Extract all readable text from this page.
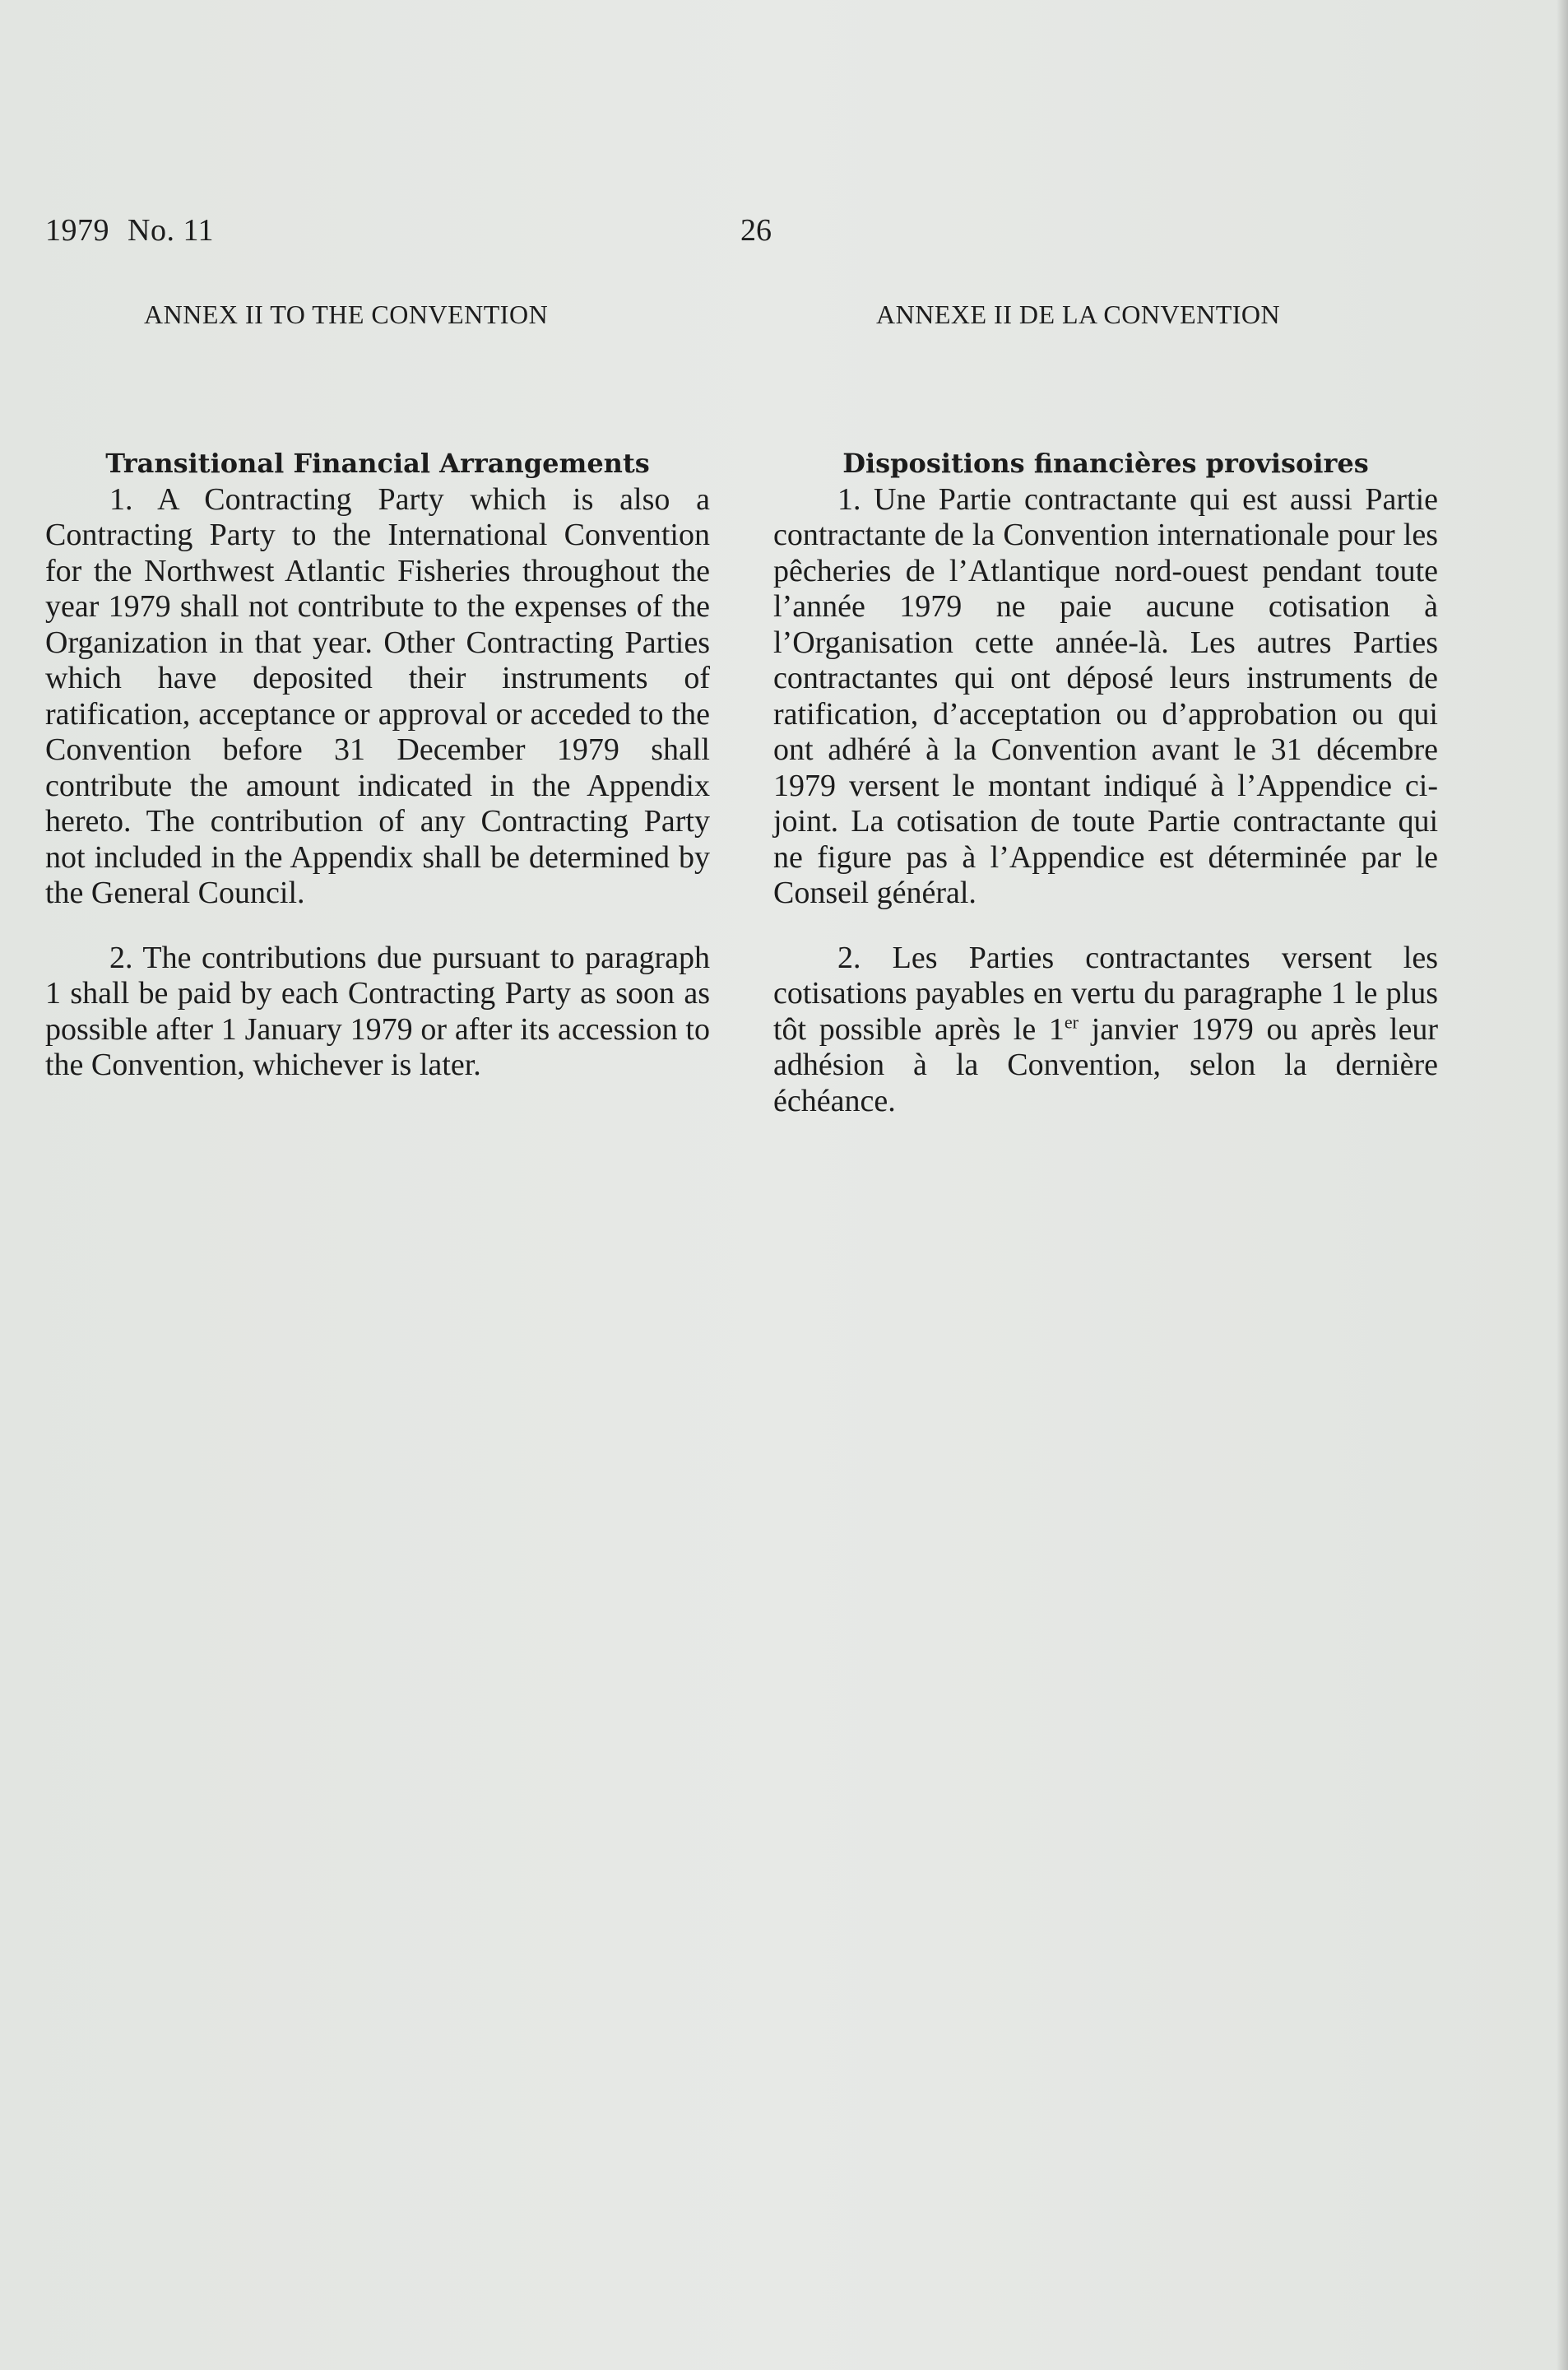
1979 No. 11	26
ANNEX II TO THE CONVENTION	ANNEXE II DE LA CONVENTION
Transitional Financial Arrangements

1. A Contracting Party which is also a Contracting Party to the International Convention for the Northwest Atlantic Fisheries throughout the year 1979 shall not contribute to the expenses of the Organization in that year. Other Contracting Parties which have deposited their instruments of ratification, acceptance or approval or acceded to the Convention before 31 December 1979 shall contribute the amount indicated in the Appendix hereto. The contribution of any Contracting Party not included in the Appendix shall be determined by the General Council.

2. The contributions due pursuant to paragraph 1 shall be paid by each Contracting Party as soon as possible after 1 January 1979 or after its accession to the Convention, whichever is later.

Dispositions financières provisoires

1. Une Partie contractante qui est aussi Partie contractante de la Convention internationale pour les pêcheries de l’Atlantique nord-ouest pendant toute l’année 1979 ne paie aucune cotisation à l’Organisation cette année-là. Les autres Parties contractantes qui ont déposé leurs instruments de ratification, d’acceptation ou d’approbation ou qui ont adhéré à la Convention avant le 31 décembre 1979 versent le montant indiqué à l’Appendice ci-joint. La cotisation de toute Partie contractante qui ne figure pas à l’Appendice est déterminée par le Conseil général.

2. Les Parties contractantes versent les cotisations payables en vertu du paragraphe 1 le plus tôt possible après le 1er janvier 1979 ou après leur adhésion à la Convention, selon la dernière échéance.
